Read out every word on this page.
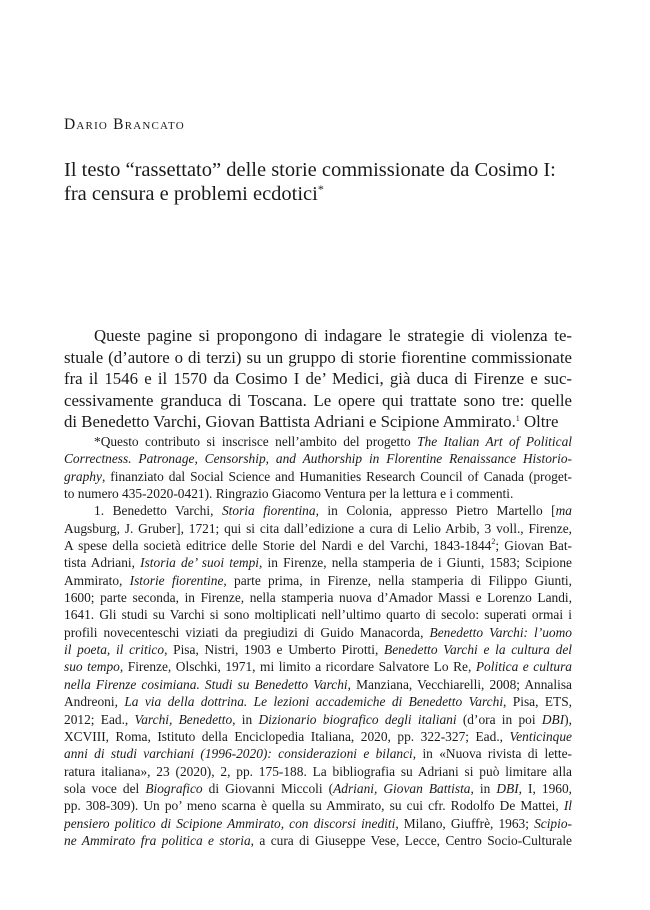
Dario Brancato
Il testo “rassettato” delle storie commissionate da Cosimo I:
fra censura e problemi ecdotici*
Queste pagine si propongono di indagare le strategie di violenza te-
stuale (d’autore o di terzi) su un gruppo di storie fiorentine commissionate
fra il 1546 e il 1570 da Cosimo I de’ Medici, già duca di Firenze e suc-
cessivamente granduca di Toscana. Le opere qui trattate sono tre: quelle
di Benedetto Varchi, Giovan Battista Adriani e Scipione Ammirato.$^1$ Oltre
*Questo contributo si inscrisce nell’ambito del progetto The Italian Art of Political
Correctness. Patronage, Censorship, and Authorship in Florentine Renaissance Historio-
graphy, finanziato dal Social Science and Humanities Research Council of Canada (proget-
to numero 435-2020-0421). Ringrazio Giacomo Ventura per la lettura e i commenti.
1. Benedetto Varchi, Storia fiorentina, in Colonia, appresso Pietro Martello [ma
Augsburg, J. Gruber], 1721; qui si cita dall’edizione a cura di Lelio Arbib, 3 voll., Firenze,
A spese della società editrice delle Storie del Nardi e del Varchi, 1843-1844$^2$; Giovan Bat-
tista Adriani, Istoria de’ suoi tempi, in Firenze, nella stamperia de i Giunti, 1583; Scipione
Ammirato, Istorie fiorentine, parte prima, in Firenze, nella stamperia di Filippo Giunti,
1600; parte seconda, in Firenze, nella stamperia nuova d’Amador Massi e Lorenzo Landi,
1641. Gli studi su Varchi si sono moltiplicati nell’ultimo quarto di secolo: superati ormai i
profili novecenteschi viziati da pregiudizi di Guido Manacorda, Benedetto Varchi: l’uomo
il poeta, il critico, Pisa, Nistri, 1903 e Umberto Pirotti, Benedetto Varchi e la cultura del
suo tempo, Firenze, Olschki, 1971, mi limito a ricordare Salvatore Lo Re, Politica e cultura
nella Firenze cosimiana. Studi su Benedetto Varchi, Manziana, Vecchiarelli, 2008; Annalisa
Andreoni, La via della dottrina. Le lezioni accademiche di Benedetto Varchi, Pisa, ETS,
2012; Ead., Varchi, Benedetto, in Dizionario biografico degli italiani (d’ora in poi DBI),
XCVIII, Roma, Istituto della Enciclopedia Italiana, 2020, pp. 322-327; Ead., Venticinque
anni di studi varchiani (1996-2020): considerazioni e bilanci, in «Nuova rivista di lette-
ratura italiana», 23 (2020), 2, pp. 175-188. La bibliografia su Adriani si può limitare alla
sola voce del Biografico di Giovanni Miccoli (Adriani, Giovan Battista, in DBI, I, 1960,
pp. 308-309). Un po’ meno scarna è quella su Ammirato, su cui cfr. Rodolfo De Mattei, Il
pensiero politico di Scipione Ammirato, con discorsi inediti, Milano, Giuffrè, 1963; Scipio-
ne Ammirato fra politica e storia, a cura di Giuseppe Vese, Lecce, Centro Socio-Culturale
